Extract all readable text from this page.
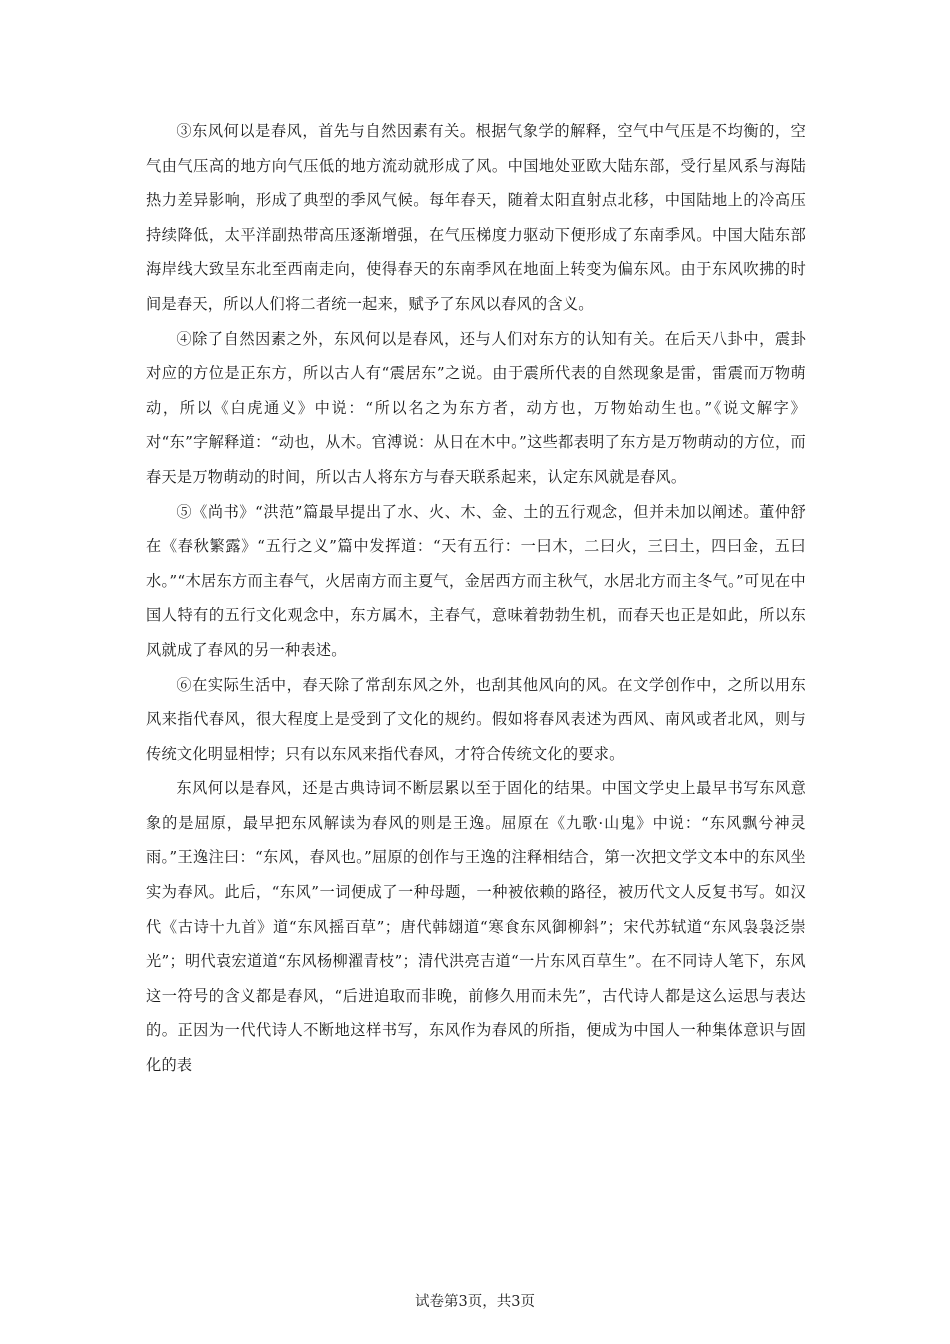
③东风何以是春风，首先与自然因素有关。根据气象学的解释，空气中气压是不均衡的，空气由气压高的地方向气压低的地方流动就形成了风。中国地处亚欧大陆东部，受行星风系与海陆热力差异影响，形成了典型的季风气候。每年春天，随着太阳直射点北移，中国陆地上的冷高压持续降低，太平洋副热带高压逐渐增强，在气压梯度力驱动下便形成了东南季风。中国大陆东部海岸线大致呈东北至西南走向，使得春天的东南季风在地面上转变为偏东风。由于东风吹拂的时间是春天，所以人们将二者统一起来，赋予了东风以春风的含义。

④除了自然因素之外，东风何以是春风，还与人们对东方的认知有关。在后天八卦中，震卦对应的方位是正东方，所以古人有“震居东”之说。由于震所代表的自然现象是雷，雷震而万物萌动，所以《白虎通义》中说：“所以名之为东方者，动方也，万物始动生也。”《说文解字》对“东”字解释道：“动也，从木。官溥说：从日在木中。”这些都表明了东方是万物萌动的方位，而春天是万物萌动的时间，所以古人将东方与春天联系起来，认定东风就是春风。

⑤《尚书》“洪范”篇最早提出了水、火、木、金、土的五行观念，但并未加以阐述。董仲舒在《春秋繁露》“五行之义”篇中发挥道：“天有五行：一曰木，二曰火，三曰土，四曰金，五曰水。”“木居东方而主春气，火居南方而主夏气，金居西方而主秋气，水居北方而主冬气。”可见在中国人特有的五行文化观念中，东方属木，主春气，意味着勃勃生机，而春天也正是如此，所以东风就成了春风的另一种表述。

⑥在实际生活中，春天除了常刮东风之外，也刮其他风向的风。在文学创作中，之所以用东风来指代春风，很大程度上是受到了文化的规约。假如将春风表述为西风、南风或者北风，则与传统文化明显相悖；只有以东风来指代春风，才符合传统文化的要求。

东风何以是春风，还是古典诗词不断层累以至于固化的结果。中国文学史上最早书写东风意象的是屈原，最早把东风解读为春风的则是王逸。屈原在《九歌·山鬼》中说：“东风飘兮神灵雨。”王逸注曰：“东风，春风也。”屈原的创作与王逸的注释相结合，第一次把文学文本中的东风坐实为春风。此后，“东风”一词便成了一种母题，一种被依赖的路径，被历代文人反复书写。如汉代《古诗十九首》道“东风摇百草”；唐代韩翃道“寒食东风御柳斜”；宋代苏轼道“东风袅袅泛崇光”；明代袁宏道道“东风杨柳濯青枝”；清代洪亮吉道“一片东风百草生”。在不同诗人笔下，东风这一符号的含义都是春风，“后进追取而非晚，前修久用而未先”，古代诗人都是这么运思与表达的。正因为一代代诗人不断地这样书写，东风作为春风的所指，便成为中国人一种集体意识与固化的表

试卷第3页，共3页
